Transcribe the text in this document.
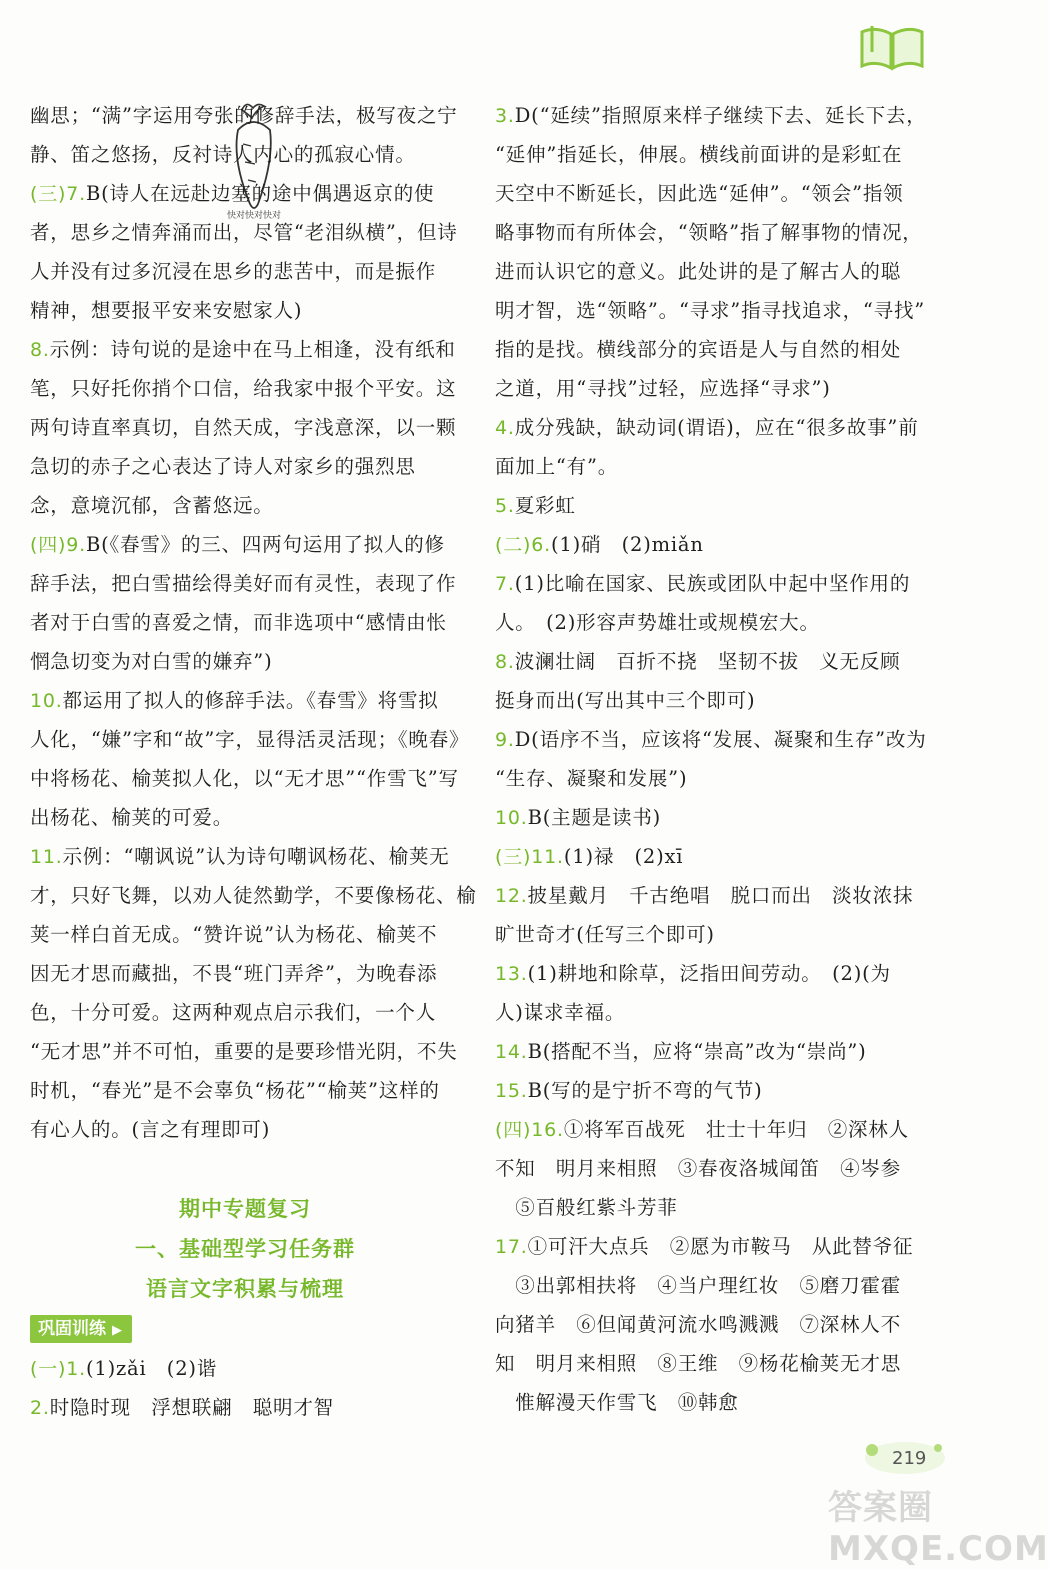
快对快对快对
幽思；“满”字运用夸张的修辞手法，极写夜之宁
静、笛之悠扬，反衬诗人内心的孤寂心情。
(三)7.B(诗人在远赴边塞的途中偶遇返京的使
者，思乡之情奔涌而出，尽管“老泪纵横”，但诗
人并没有过多沉浸在思乡的悲苦中，而是振作
精神，想要报平安来安慰家人)
8.示例：诗句说的是途中在马上相逢，没有纸和
笔，只好托你捎个口信，给我家中报个平安。这
两句诗直率真切，自然天成，字浅意深，以一颗
急切的赤子之心表达了诗人对家乡的强烈思
念，意境沉郁，含蓄悠远。
(四)9.B(《春雪》的三、四两句运用了拟人的修
辞手法，把白雪描绘得美好而有灵性，表现了作
者对于白雪的喜爱之情，而非选项中“感情由怅
惘急切变为对白雪的嫌弃”)
10.都运用了拟人的修辞手法。《春雪》将雪拟
人化，“嫌”字和“故”字，显得活灵活现；《晚春》
中将杨花、榆荚拟人化，以“无才思”“作雪飞”写
出杨花、榆荚的可爱。
11.示例：“嘲讽说”认为诗句嘲讽杨花、榆荚无
才，只好飞舞，以劝人徒然勤学，不要像杨花、榆
荚一样白首无成。“赞许说”认为杨花、榆荚不
因无才思而藏拙，不畏“班门弄斧”，为晚春添
色，十分可爱。这两种观点启示我们，一个人
“无才思”并不可怕，重要的是要珍惜光阴，不失
时机，“春光”是不会辜负“杨花”“榆荚”这样的
有心人的。(言之有理即可)
期中专题复习
一、基础型学习任务群
语言文字积累与梳理
巩固训练 ▶
(一)1.(1)zǎi　(2)谐
2.时隐时现　浮想联翩　聪明才智
3.D(“延续”指照原来样子继续下去、延长下去，
“延伸”指延长，伸展。横线前面讲的是彩虹在
天空中不断延长，因此选“延伸”。“领会”指领
略事物而有所体会，“领略”指了解事物的情况，
进而认识它的意义。此处讲的是了解古人的聪
明才智，选“领略”。“寻求”指寻找追求，“寻找”
指的是找。横线部分的宾语是人与自然的相处
之道，用“寻找”过轻，应选择“寻求”)
4.成分残缺，缺动词(谓语)，应在“很多故事”前
面加上“有”。
5.夏彩虹
(二)6.(1)硝　(2)miǎn
7.(1)比喻在国家、民族或团队中起中坚作用的
人。　(2)形容声势雄壮或规模宏大。
8.波澜壮阔　百折不挠　坚韧不拔　义无反顾
挺身而出(写出其中三个即可)
9.D(语序不当，应该将“发展、凝聚和生存”改为
“生存、凝聚和发展”)
10.B(主题是读书)
(三)11.(1)禄　(2)xī
12.披星戴月　千古绝唱　脱口而出　淡妆浓抹
旷世奇才(任写三个即可)
13.(1)耕地和除草，泛指田间劳动。　(2)(为
人)谋求幸福。
14.B(搭配不当，应将“崇高”改为“崇尚”)
15.B(写的是宁折不弯的气节)
(四)16.①将军百战死　壮士十年归　②深林人
不知　明月来相照　③春夜洛城闻笛　④岑参
　⑤百般红紫斗芳菲
17.①可汗大点兵　②愿为市鞍马　从此替爷征
　③出郭相扶将　④当户理红妆　⑤磨刀霍霍
向猪羊　⑥但闻黄河流水鸣溅溅　⑦深林人不
知　明月来相照　⑧王维　⑨杨花榆荚无才思
　惟解漫天作雪飞　⑩韩愈
219
答案圈 MXQE.COM
